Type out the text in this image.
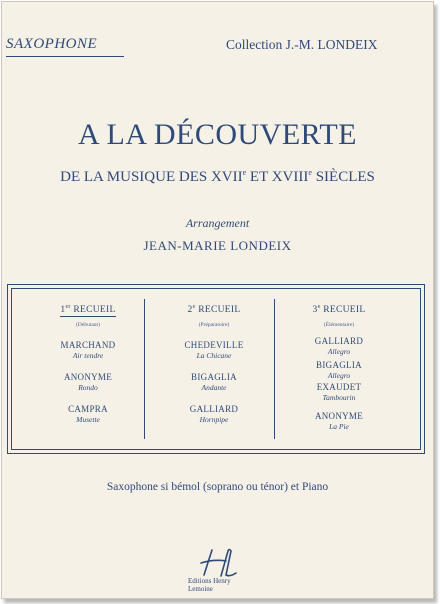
SAXOPHONE	Collection J.-M. LONDEIX
A LA DÉCOUVERTE
DE LA MUSIQUE DES XVIIe ET XVIIIe SIÈCLES
Arrangement
JEAN-MARIE LONDEIX
1er RECUEIL
(Débutant)
MARCHAND
Air tendre
ANONYME
Rondo
CAMPRA
Musette
2e RECUEIL
(Préparatoire)
CHEDEVILLE
La Chicane
BIGAGLIA
Andante
GALLIARD
Hornpipe
3e RECUEIL
(Élémentaire)
GALLIARD
Allegro
BIGAGLIA
Allegro
EXAUDET
Tambourin
ANONYME
La Pie
Saxophone si bémol (soprano ou ténor) et Piano
Editions Henry Lemoine
